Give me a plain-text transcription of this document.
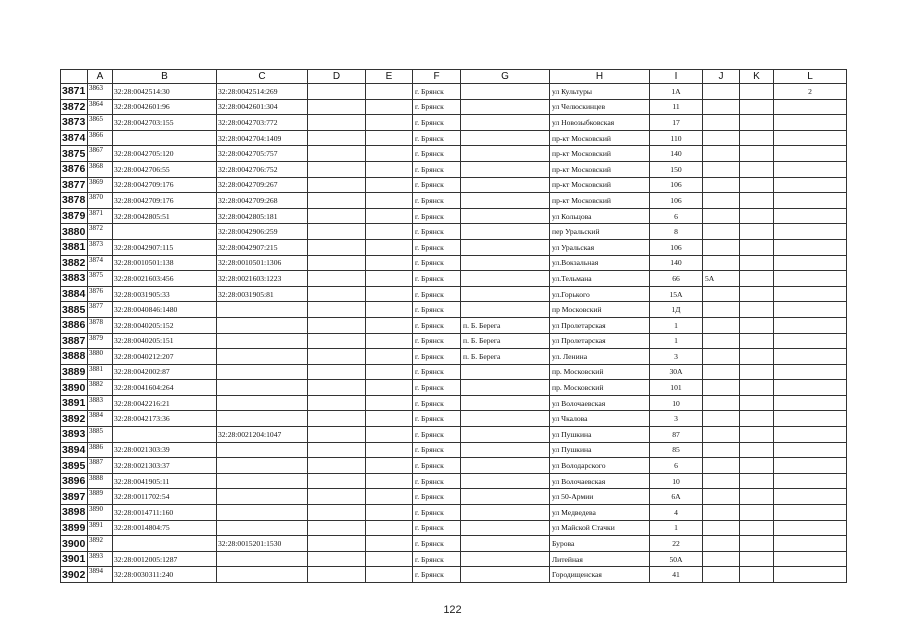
	A	B	C	D	E	F	G	H	I	J	K	L
3871	3863	32:28:0042514:30	32:28:0042514:269			г. Брянск		ул Культуры	1А			2
3872	3864	32:28:0042601:96	32:28:0042601:304			г. Брянск		ул Челюскинцев	11			
3873	3865	32:28:0042703:155	32:28:0042703:772			г. Брянск		ул Новозыбковская	17			
3874	3866		32:28:0042704:1409			г. Брянск		пр-кт Московский	110			
3875	3867	32:28:0042705:120	32:28:0042705:757			г. Брянск		пр-кт Московский	140			
3876	3868	32:28:0042706:55	32:28:0042706:752			г. Брянск		пр-кт Московский	150			
3877	3869	32:28:0042709:176	32:28:0042709:267			г. Брянск		пр-кт Московский	106			
3878	3870	32:28:0042709:176	32:28:0042709:268			г. Брянск		пр-кт Московский	106			
3879	3871	32:28:0042805:51	32:28:0042805:181			г. Брянск		ул Кольцова	6			
3880	3872		32:28:0042906:259			г. Брянск		пер Уральский	8			
3881	3873	32:28:0042907:115	32:28:0042907:215			г. Брянск		ул Уральская	106			
3882	3874	32:28:0010501:138	32:28:0010501:1306			г. Брянск		ул.Вокзальная	140			
3883	3875	32:28:0021603:456	32:28:0021603:1223			г. Брянск		ул.Тельмана	66	5А		
3884	3876	32:28:0031905:33	32:28:0031905:81			г. Брянск		ул.Горького	15А			
3885	3877	32:28:0040846:1480				г. Брянск		пр Московский	1Д			
3886	3878	32:28:0040205:152				г. Брянск	п. Б. Берега	ул Пролетарская	1			
3887	3879	32:28:0040205:151				г. Брянск	п. Б. Берега	ул Пролетарская	1			
3888	3880	32:28:0040212:207				г. Брянск	п. Б. Берега	ул. Ленина	3			
3889	3881	32:28:0042002:87				г. Брянск		пр. Московский	30А			
3890	3882	32:28:0041604:264				г. Брянск		пр. Московский	101			
3891	3883	32:28:0042216:21				г. Брянск		ул Волочаевская	10			
3892	3884	32:28:0042173:36				г. Брянск		ул Чкалова	3			
3893	3885		32:28:0021204:1047			г. Брянск		ул Пушкина	87			
3894	3886	32:28:0021303:39				г. Брянск		ул Пушкина	85			
3895	3887	32:28:0021303:37				г. Брянск		ул Володарского	6			
3896	3888	32:28:0041905:11				г. Брянск		ул Волочаевская	10			
3897	3889	32:28:0011702:54				г. Брянск		ул 50-Армии	6А			
3898	3890	32:28:0014711:160				г. Брянск		ул Медведева	4			
3899	3891	32:28:0014804:75				г. Брянск		ул Майской Стачки	1			
3900	3892		32:28:0015201:1530			г. Брянск		Бурова	22			
3901	3893	32:28:0012005:1287				г. Брянск		Литейная	50А			
3902	3894	32:28:0030311:240				г. Брянск		Городищенская	41			
122
